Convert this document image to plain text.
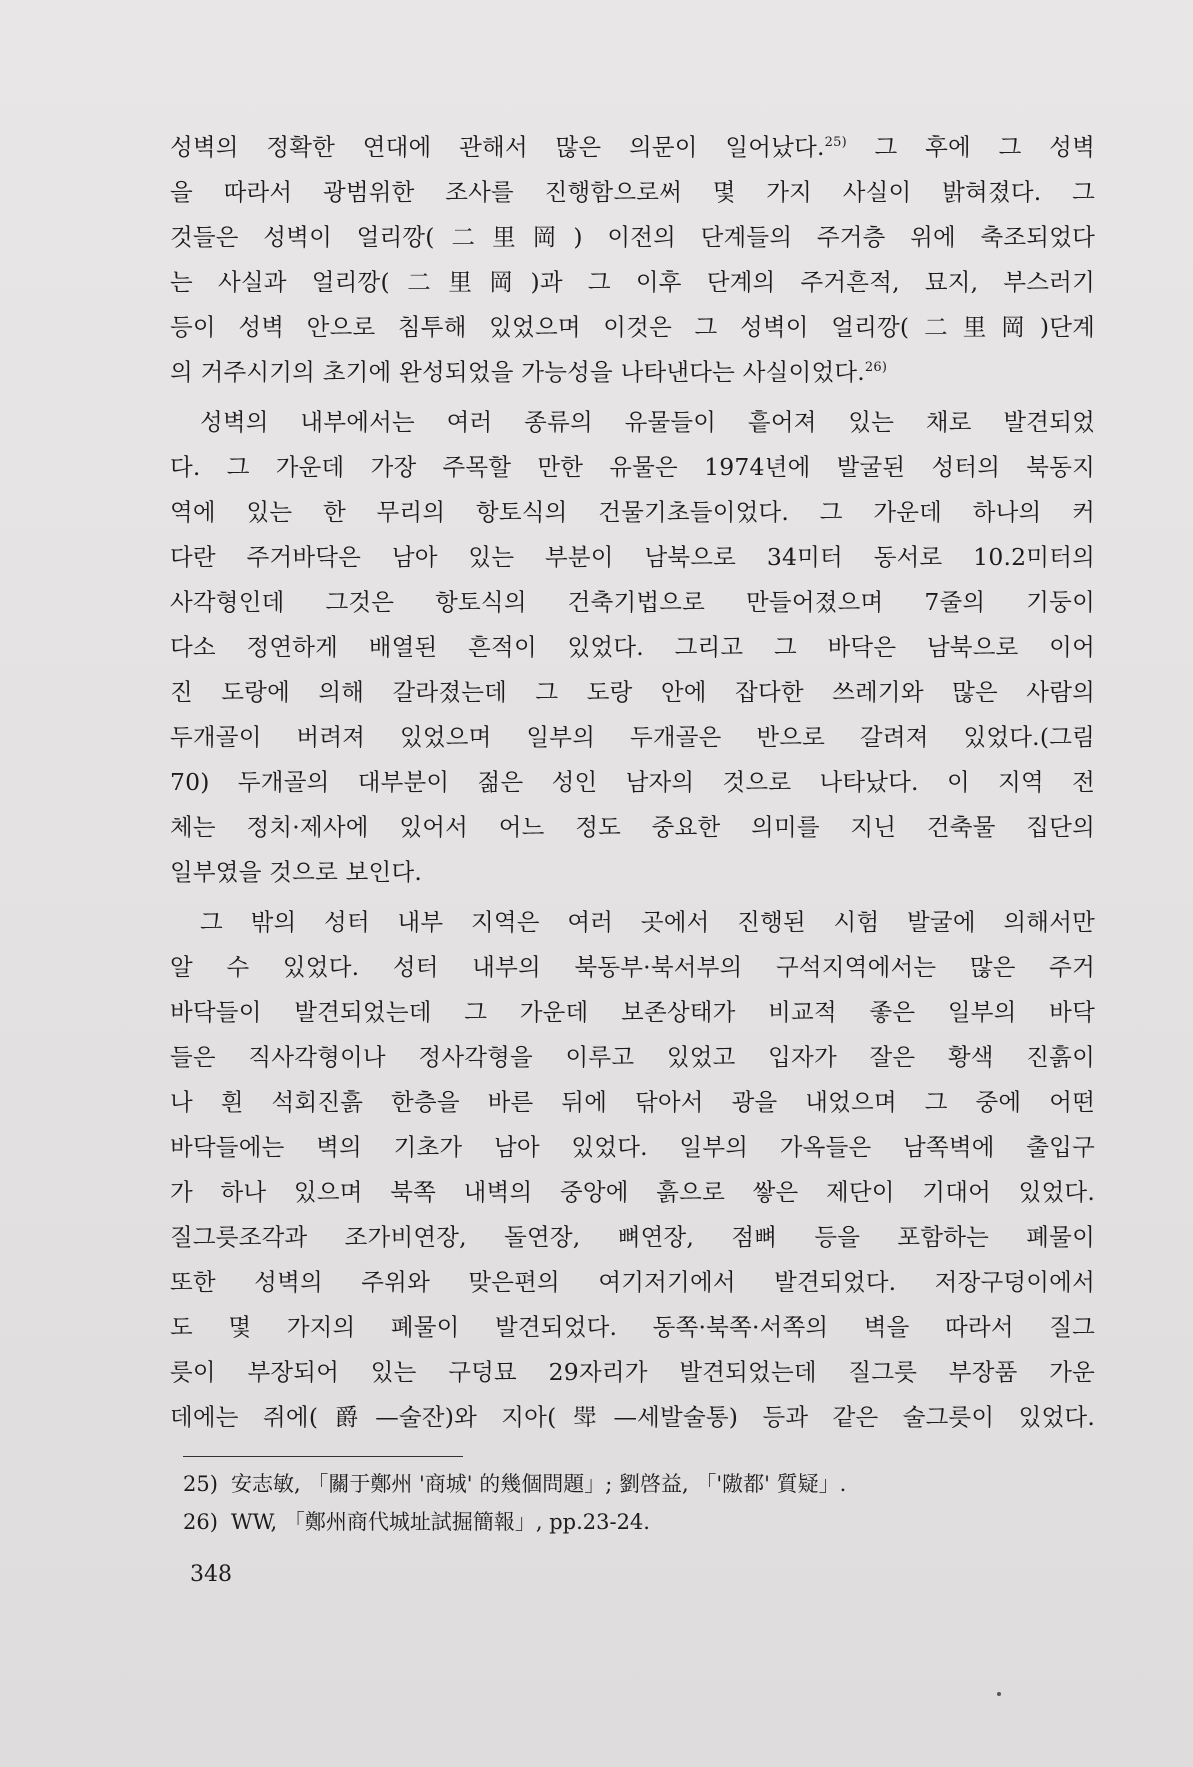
성벽의 정확한 연대에 관해서 많은 의문이 일어났다.$^{25)}$ 그 후에 그 성벽
을 따라서 광범위한 조사를 진행함으로써 몇 가지 사실이 밝혀졌다. 그
것들은 성벽이 얼리깡(二里岡) 이전의 단계들의 주거층 위에 축조되었다
는 사실과 얼리깡(二里岡)과 그 이후 단계의 주거흔적, 묘지, 부스러기
등이 성벽 안으로 침투해 있었으며 이것은 그 성벽이 얼리깡(二里岡)단계
의 거주시기의 초기에 완성되었을 가능성을 나타낸다는 사실이었다.$^{26)}$

성벽의 내부에서는 여러 종류의 유물들이 흩어져 있는 채로 발견되었
다. 그 가운데 가장 주목할 만한 유물은 1974년에 발굴된 성터의 북동지
역에 있는 한 무리의 항토식의 건물기초들이었다. 그 가운데 하나의 커
다란 주거바닥은 남아 있는 부분이 남북으로 34미터 동서로 10.2미터의
사각형인데 그것은 항토식의 건축기법으로 만들어졌으며 7줄의 기둥이
다소 정연하게 배열된 흔적이 있었다. 그리고 그 바닥은 남북으로 이어
진 도랑에 의해 갈라졌는데 그 도랑 안에 잡다한 쓰레기와 많은 사람의
두개골이 버려져 있었으며 일부의 두개골은 반으로 갈려져 있었다.(그림
70) 두개골의 대부분이 젊은 성인 남자의 것으로 나타났다. 이 지역 전
체는 정치·제사에 있어서 어느 정도 중요한 의미를 지닌 건축물 집단의
일부였을 것으로 보인다.

그 밖의 성터 내부 지역은 여러 곳에서 진행된 시험 발굴에 의해서만
알 수 있었다. 성터 내부의 북동부·북서부의 구석지역에서는 많은 주거
바닥들이 발견되었는데 그 가운데 보존상태가 비교적 좋은 일부의 바닥
들은 직사각형이나 정사각형을 이루고 있었고 입자가 잘은 황색 진흙이
나 흰 석회진흙 한층을 바른 뒤에 닦아서 광을 내었으며 그 중에 어떤
바닥들에는 벽의 기초가 남아 있었다. 일부의 가옥들은 남쪽벽에 출입구
가 하나 있으며 북쪽 내벽의 중앙에 흙으로 쌓은 제단이 기대어 있었다.
질그릇조각과 조가비연장, 돌연장, 뼈연장, 점뼈 등을 포함하는 폐물이
또한 성벽의 주위와 맞은편의 여기저기에서 발견되었다. 저장구덩이에서
도 몇 가지의 폐물이 발견되었다. 동쪽·북쪽·서쪽의 벽을 따라서 질그
릇이 부장되어 있는 구덩묘 29자리가 발견되었는데 질그릇 부장품 가운
데에는 쥐에(爵—술잔)와 지아(斝—세발술통) 등과 같은 술그릇이 있었다.

25) 安志敏, 「關于鄭州 '商城' 的幾個問題」; 劉啓益, 「'隞都' 質疑」.
26) WW, 「鄭州商代城址試掘簡報」, pp.23-24.
348
